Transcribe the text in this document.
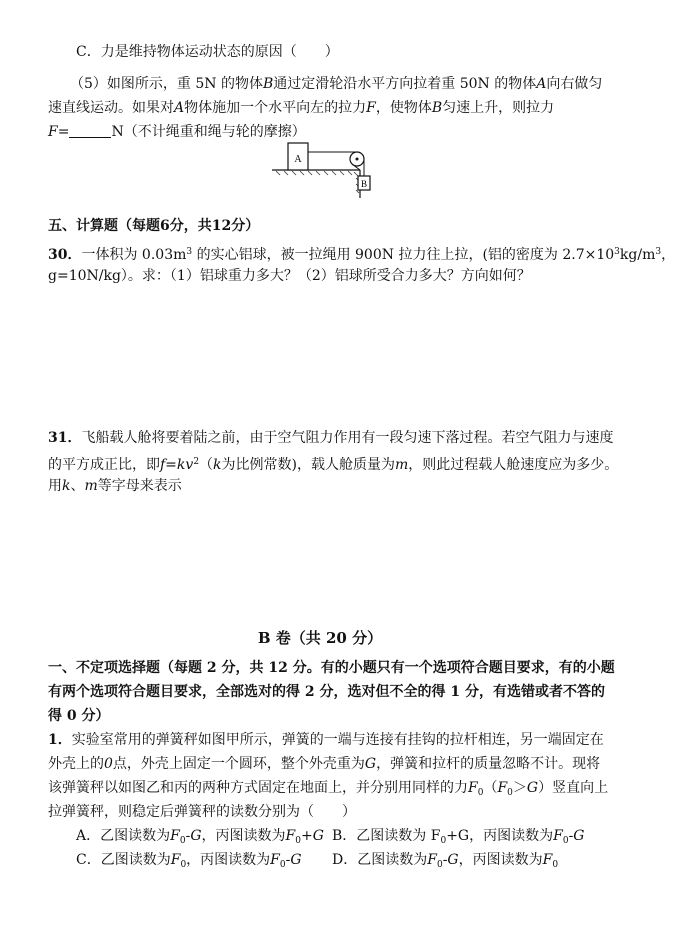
C．力是维持物体运动状态的原因（　　）
（5）如图所示，重 5N 的物体B通过定滑轮沿水平方向拉着重 50N 的物体A向右做匀
速直线运动。如果对A物体施加一个水平向左的拉力F，使物体B匀速上升，则拉力
F=	N（不计绳重和绳与轮的摩擦）
A
B
五、计算题（每题6分，共12分）
30．一体积为 $0.03m^3$ 的实心铝球，被一拉绳用 900N 拉力往上拉，(铝的密度为 $2.7\times 10^3kg/m^3$，
g=10N/kg）。求：（1）铝球重力多大？（2）铝球所受合力多大？方向如何？
31．飞船载人舱将要着陆之前，由于空气阻力作用有一段匀速下落过程。若空气阻力与速度
的平方成正比，即$f=kv^2(k$为比例常数)，载人舱质量为m，则此过程载人舱速度应为多少。
用k、m等字母来表示
B 卷（共 20 分）
一、不定项选择题（每题 2 分，共 12 分。有的小题只有一个选项符合题目要求，有的小题
有两个选项符合题目要求，全部选对的得 2 分，选对但不全的得 1 分，有选错或者不答的
得 0 分）
1．实验室常用的弹簧秤如图甲所示，弹簧的一端与连接有挂钩的拉杆相连，另一端固定在
外壳上的0点，外壳上固定一个圆环，整个外壳重为G，弹簧和拉杆的质量忽略不计。现将
该弹簧秤以如图乙和丙的两种方式固定在地面上，并分别用同样的力$F_0(F_0>G)$竖直向上
拉弹簧秤，则稳定后弹簧秤的读数分别为（　　）
A．乙图读数为$F_0-G$，丙图读数为$F_0+G$ B．乙图读数为 $F_0+G$，丙图读数为$F_0-G$
C．乙图读数为$F_0$，丙图读数为$F_0-G$ D．乙图读数为$F_0-G$，丙图读数为$F_0$
